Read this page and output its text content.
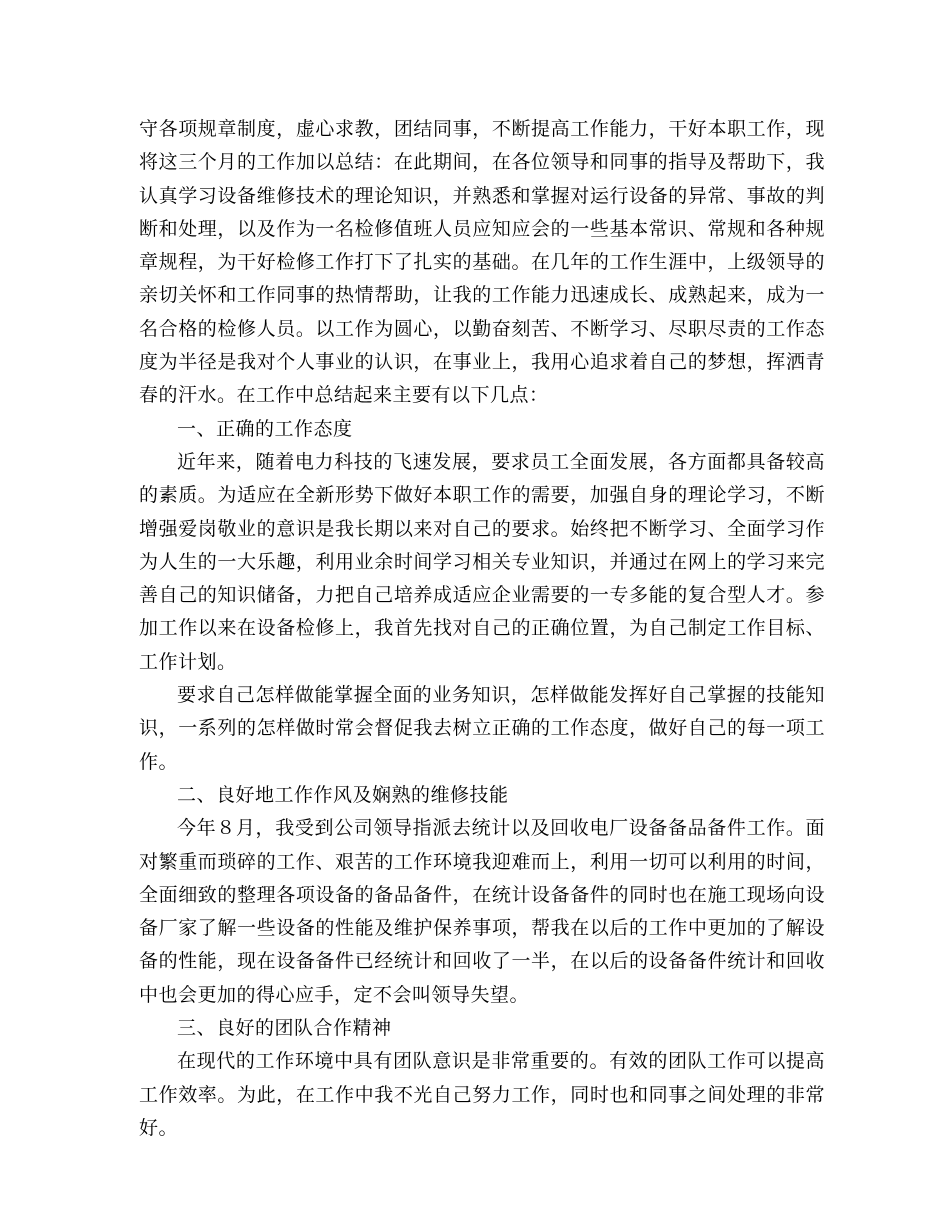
守各项规章制度，虚心求教，团结同事，不断提高工作能力，干好本职工作，现将这三个月的工作加以总结：在此期间，在各位领导和同事的指导及帮助下，我认真学习设备维修技术的理论知识，并熟悉和掌握对运行设备的异常、事故的判断和处理，以及作为一名检修值班人员应知应会的一些基本常识、常规和各种规章规程，为干好检修工作打下了扎实的基础。在几年的工作生涯中，上级领导的亲切关怀和工作同事的热情帮助，让我的工作能力迅速成长、成熟起来，成为一名合格的检修人员。以工作为圆心，以勤奋刻苦、不断学习、尽职尽责的工作态度为半径是我对个人事业的认识，在事业上，我用心追求着自己的梦想，挥洒青春的汗水。在工作中总结起来主要有以下几点：

一、正确的工作态度

近年来，随着电力科技的飞速发展，要求员工全面发展，各方面都具备较高的素质。为适应在全新形势下做好本职工作的需要，加强自身的理论学习，不断增强爱岗敬业的意识是我长期以来对自己的要求。始终把不断学习、全面学习作为人生的一大乐趣，利用业余时间学习相关专业知识，并通过在网上的学习来完善自己的知识储备，力把自己培养成适应企业需要的一专多能的复合型人才。参加工作以来在设备检修上，我首先找对自己的正确位置，为自己制定工作目标、工作计划。

要求自己怎样做能掌握全面的业务知识，怎样做能发挥好自己掌握的技能知识，一系列的怎样做时常会督促我去树立正确的工作态度，做好自己的每一项工作。

二、良好地工作作风及娴熟的维修技能

今年８月，我受到公司领导指派去统计以及回收电厂设备备品备件工作。面对繁重而琐碎的工作、艰苦的工作环境我迎难而上，利用一切可以利用的时间，全面细致的整理各项设备的备品备件，在统计设备备件的同时也在施工现场向设备厂家了解一些设备的性能及维护保养事项，帮我在以后的工作中更加的了解设备的性能，现在设备备件已经统计和回收了一半，在以后的设备备件统计和回收中也会更加的得心应手，定不会叫领导失望。

三、良好的团队合作精神

在现代的工作环境中具有团队意识是非常重要的。有效的团队工作可以提高工作效率。为此，在工作中我不光自己努力工作，同时也和同事之间处理的非常好。
